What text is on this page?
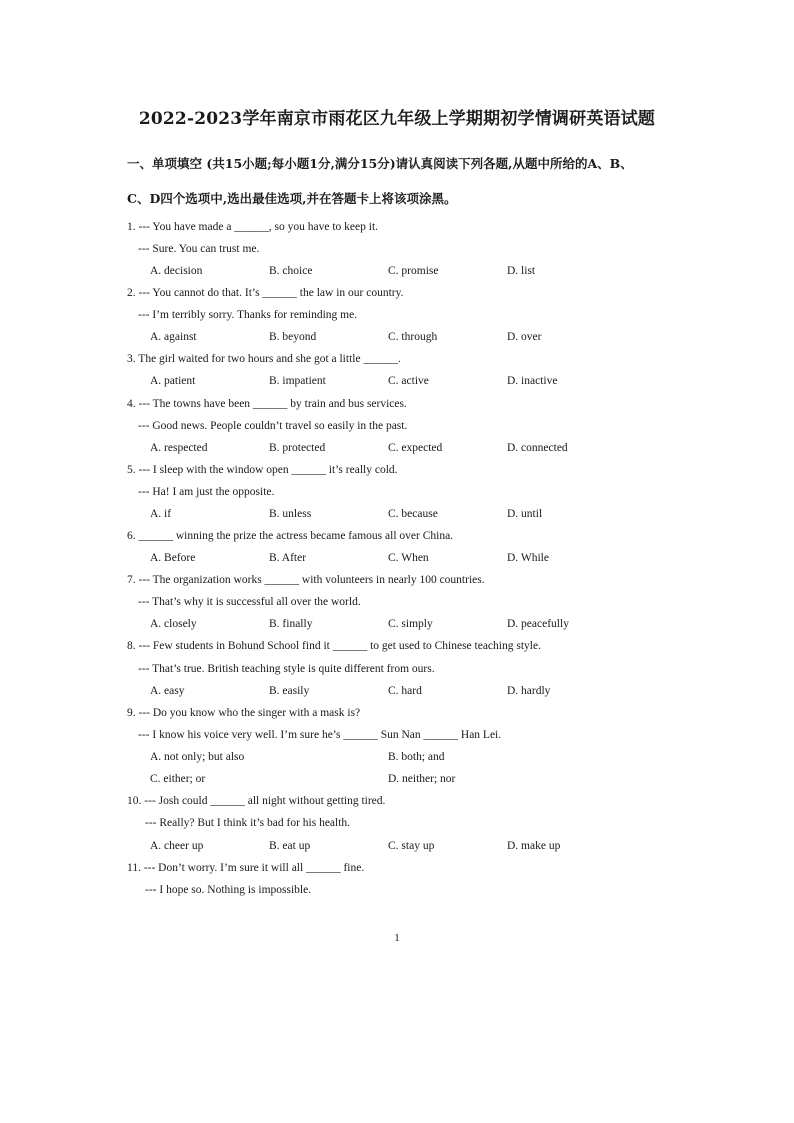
2022-2023学年南京市雨花区九年级上学期期初学情调研英语试题
一、单项填空 (共15小题;每小题1分,满分15分)请认真阅读下列各题,从题中所给的A、B、
C、D四个选项中,选出最佳选项,并在答题卡上将该项涂黑。
1. --- You have made a ______, so you have to keep it.
--- Sure. You can trust me.
A. decision	B. choice	C. promise	D. list
2. --- You cannot do that. It’s ______ the law in our country.
--- I’m terribly sorry. Thanks for reminding me.
A. against	B. beyond	C. through	D. over
3. The girl waited for two hours and she got a little ______.
A. patient	B. impatient	C. active	D. inactive
4. --- The towns have been ______ by train and bus services.
--- Good news. People couldn’t travel so easily in the past.
A. respected	B. protected	C. expected	D. connected
5. --- I sleep with the window open ______ it’s really cold.
--- Ha! I am just the opposite.
A. if	B. unless	C. because	D. until
6. ______ winning the prize the actress became famous all over China.
A. Before	B. After	C. When	D. While
7. --- The organization works ______ with volunteers in nearly 100 countries.
--- That’s why it is successful all over the world.
A. closely	B. finally	C. simply	D. peacefully
8. --- Few students in Bohund School find it ______ to get used to Chinese teaching style.
--- That’s true. British teaching style is quite different from ours.
A. easy	B. easily	C. hard	D. hardly
9. --- Do you know who the singer with a mask is?
--- I know his voice very well. I’m sure he’s ______ Sun Nan ______ Han Lei.
A. not only; but also	B. both; and
C. either; or	D. neither; nor
10. --- Josh could ______ all night without getting tired.
--- Really? But I think it’s bad for his health.
A. cheer up	B. eat up	C. stay up	D. make up
11. --- Don’t worry. I’m sure it will all ______ fine.
--- I hope so. Nothing is impossible.
1
